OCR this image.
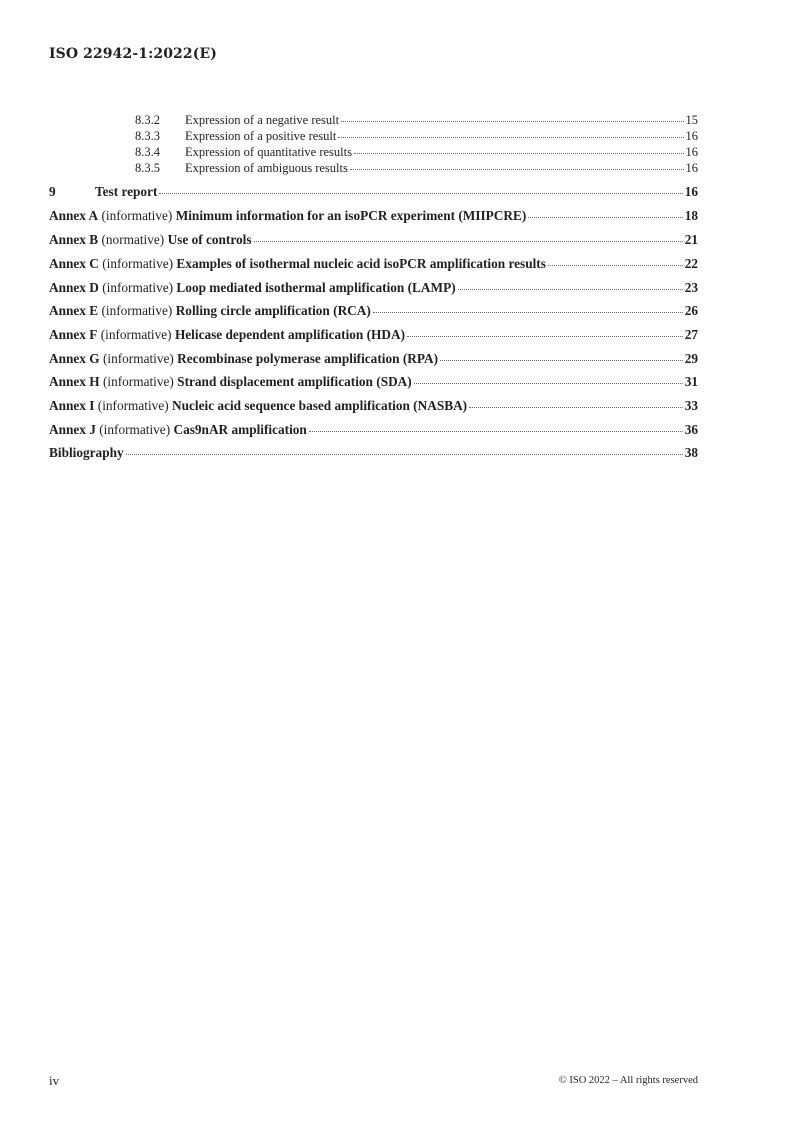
ISO 22942-1:2022(E)
8.3.2	Expression of a negative result	15
8.3.3	Expression of a positive result	16
8.3.4	Expression of quantitative results	16
8.3.5	Expression of ambiguous results	16
9	Test report	16
Annex A (informative) Minimum information for an isoPCR experiment (MIIPCRE)	18
Annex B (normative) Use of controls	21
Annex C (informative) Examples of isothermal nucleic acid isoPCR amplification results	22
Annex D (informative) Loop mediated isothermal amplification (LAMP)	23
Annex E (informative) Rolling circle amplification (RCA)	26
Annex F (informative) Helicase dependent amplification (HDA)	27
Annex G (informative) Recombinase polymerase amplification (RPA)	29
Annex H (informative) Strand displacement amplification (SDA)	31
Annex I (informative) Nucleic acid sequence based amplification (NASBA)	33
Annex J (informative) Cas9nAR amplification	36
Bibliography	38
iv	© ISO 2022 – All rights reserved
